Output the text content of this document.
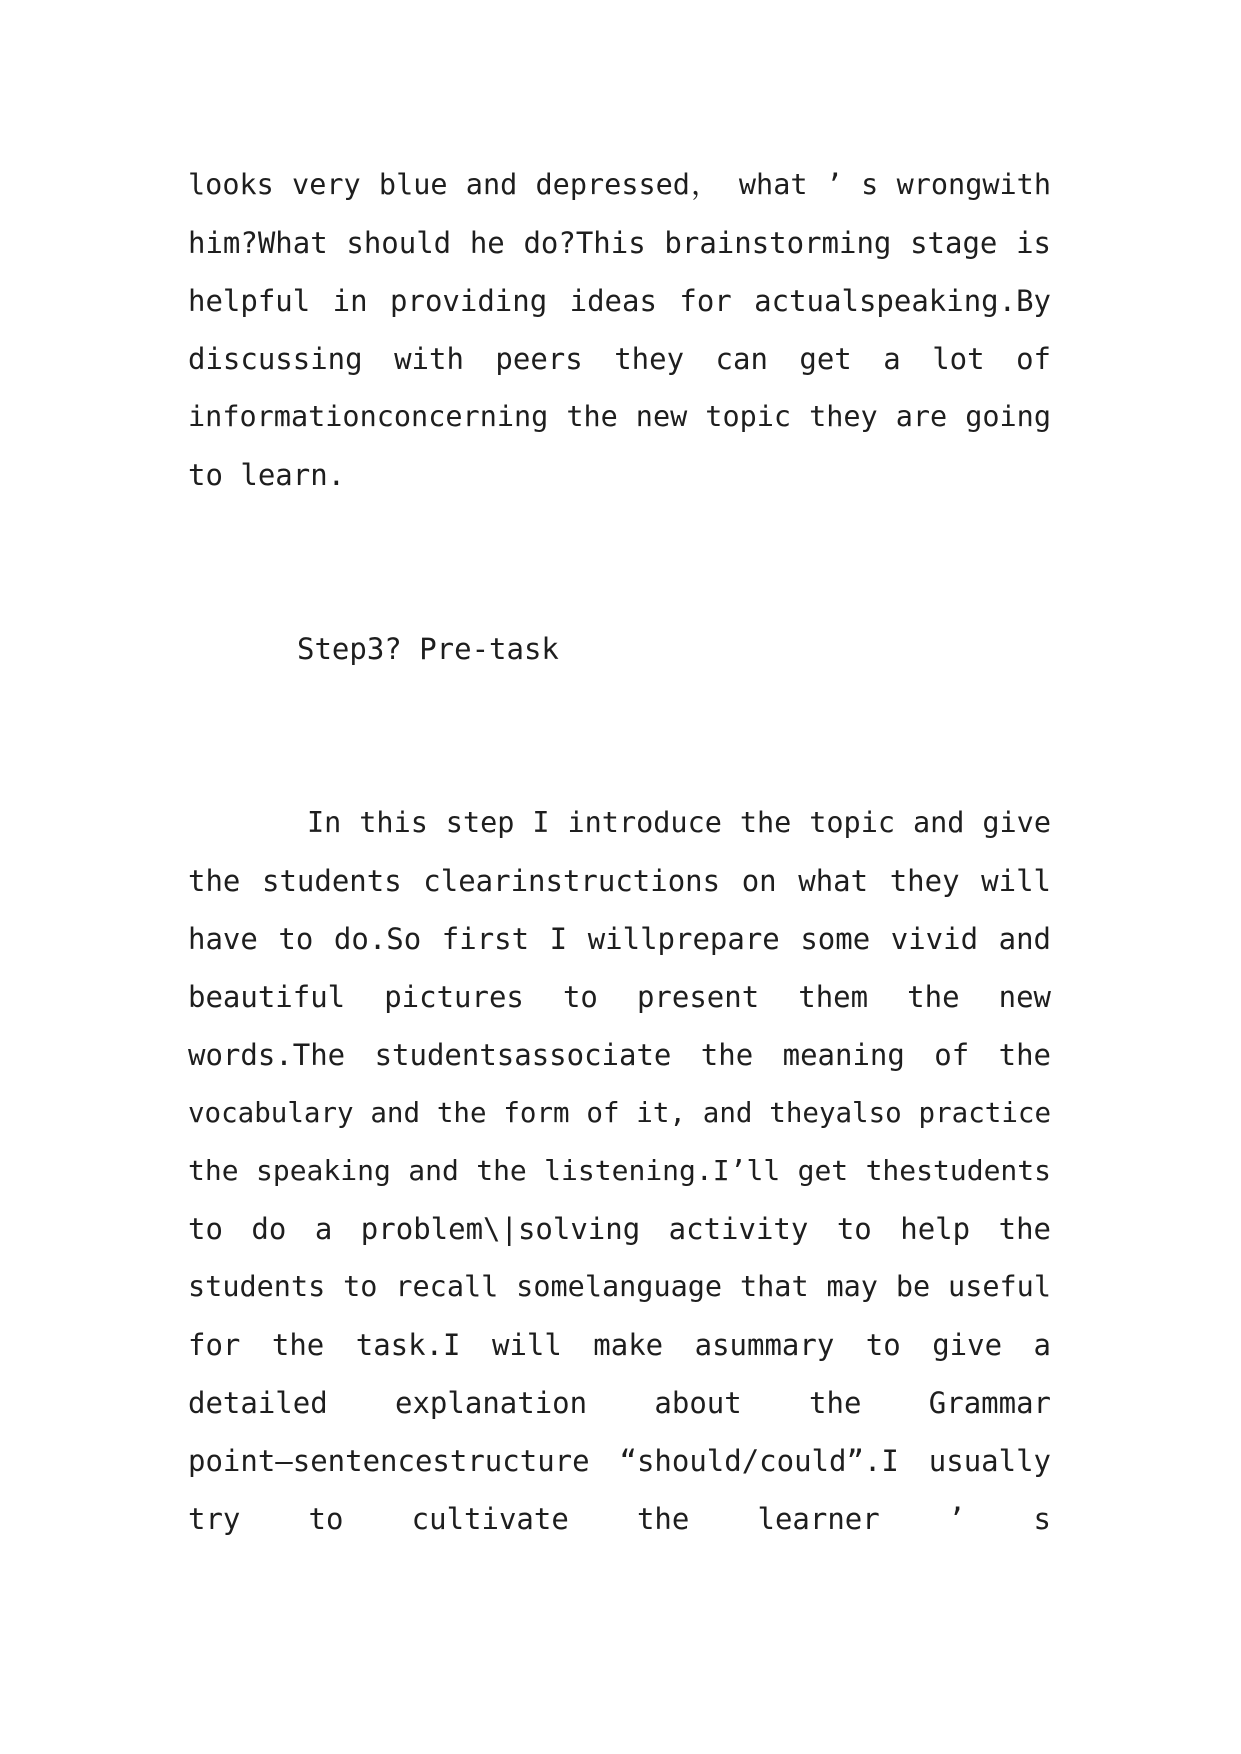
looks very blue and depressed， what ’ s wrongwith
him?What should he do?This brainstorming stage is
helpful in providing ideas for actualspeaking.By
discussing with peers they can get a lot of
informationconcerning the new topic they are going
to learn.
Step3? Pre-task
In this step I introduce the topic and give
the students clearinstructions on what they will
have to do.So first I willprepare some vivid and
beautiful pictures to present them the new
words.The studentsassociate the meaning of the
vocabulary and the form of it, and theyalso practice
the speaking and the listening.I’ll get thestudents
to do a problem\|solving activity to help the
students to recall somelanguage that may be useful
for the task.I will make asummary to give a
detailed explanation about the Grammar
point—sentencestructure “should/could”.I usually
try to cultivate the learner ’ s
